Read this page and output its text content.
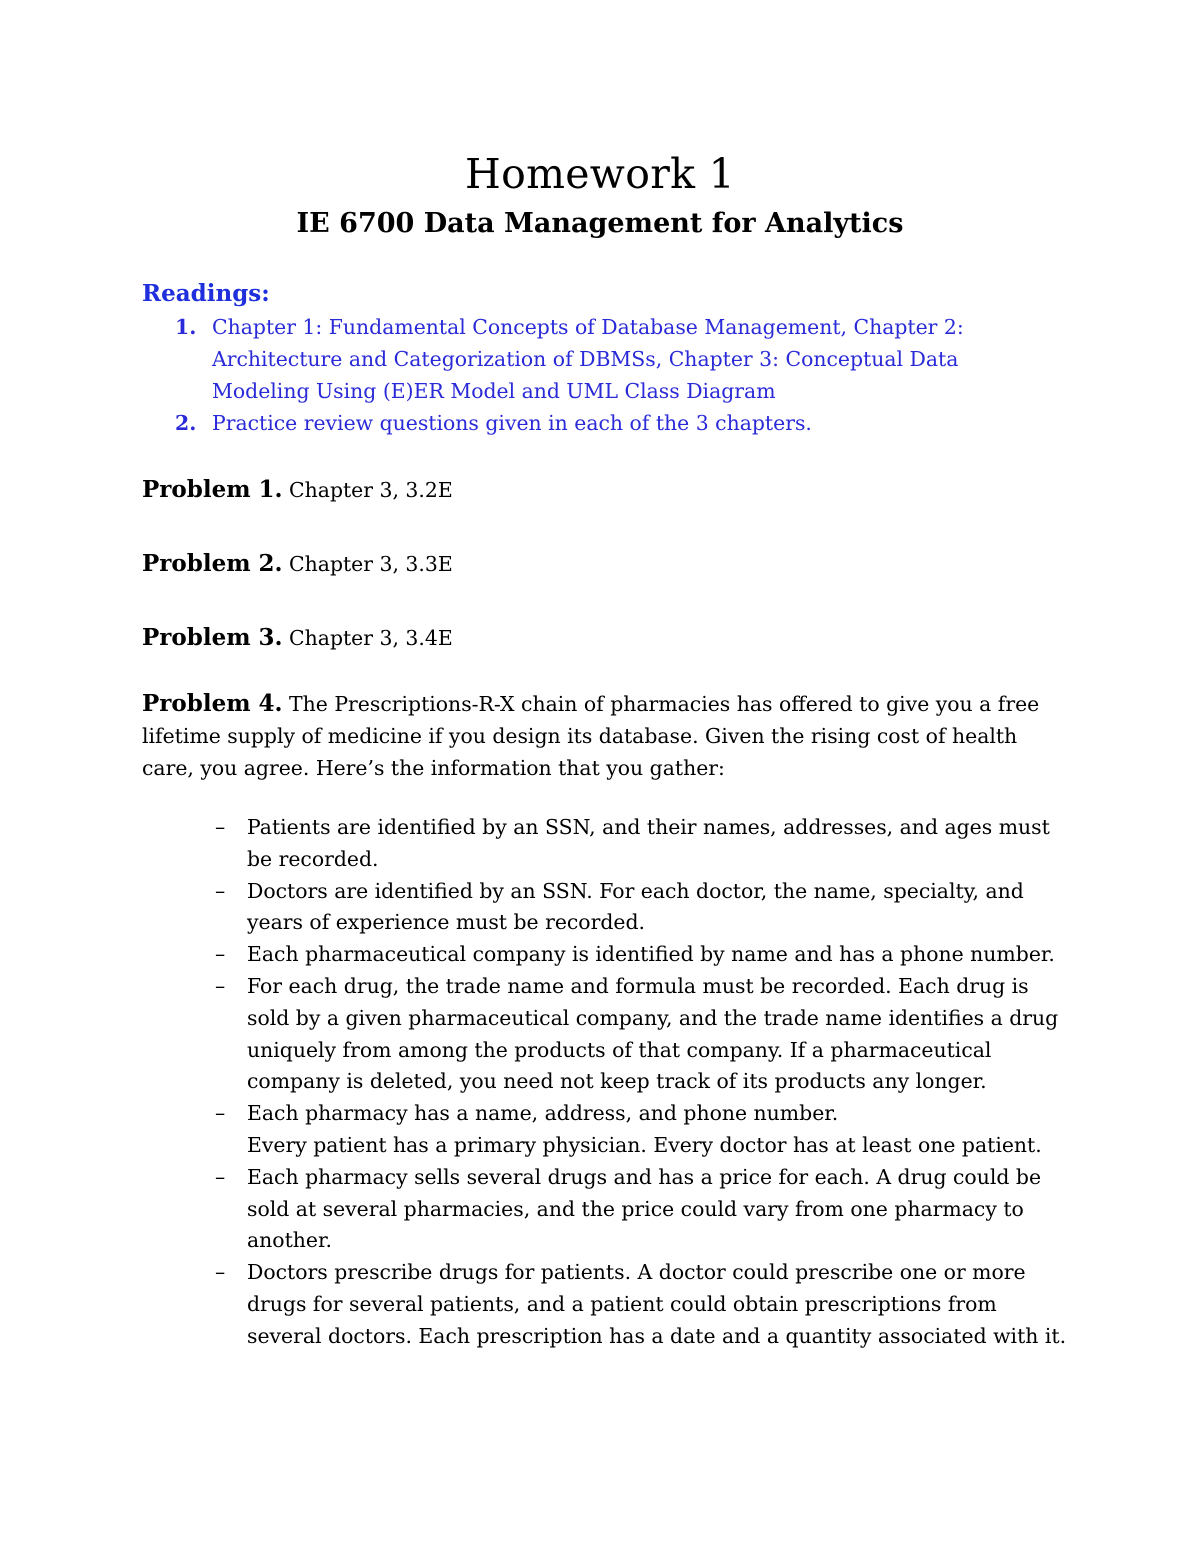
Homework 1
IE 6700 Data Management for Analytics
Readings:
1. Chapter 1: Fundamental Concepts of Database Management, Chapter 2: Architecture and Categorization of DBMSs, Chapter 3: Conceptual Data Modeling Using (E)ER Model and UML Class Diagram
2. Practice review questions given in each of the 3 chapters.
Problem 1. Chapter 3, 3.2E
Problem 2. Chapter 3, 3.3E
Problem 3. Chapter 3, 3.4E
Problem 4. The Prescriptions-R-X chain of pharmacies has offered to give you a free lifetime supply of medicine if you design its database. Given the rising cost of health care, you agree. Here’s the information that you gather:
– Patients are identified by an SSN, and their names, addresses, and ages must be recorded.
– Doctors are identified by an SSN. For each doctor, the name, specialty, and years of experience must be recorded.
– Each pharmaceutical company is identified by name and has a phone number.
– For each drug, the trade name and formula must be recorded. Each drug is sold by a given pharmaceutical company, and the trade name identifies a drug uniquely from among the products of that company. If a pharmaceutical company is deleted, you need not keep track of its products any longer.
– Each pharmacy has a name, address, and phone number.
Every patient has a primary physician. Every doctor has at least one patient.
– Each pharmacy sells several drugs and has a price for each. A drug could be sold at several pharmacies, and the price could vary from one pharmacy to another.
– Doctors prescribe drugs for patients. A doctor could prescribe one or more drugs for several patients, and a patient could obtain prescriptions from several doctors. Each prescription has a date and a quantity associated with it.
